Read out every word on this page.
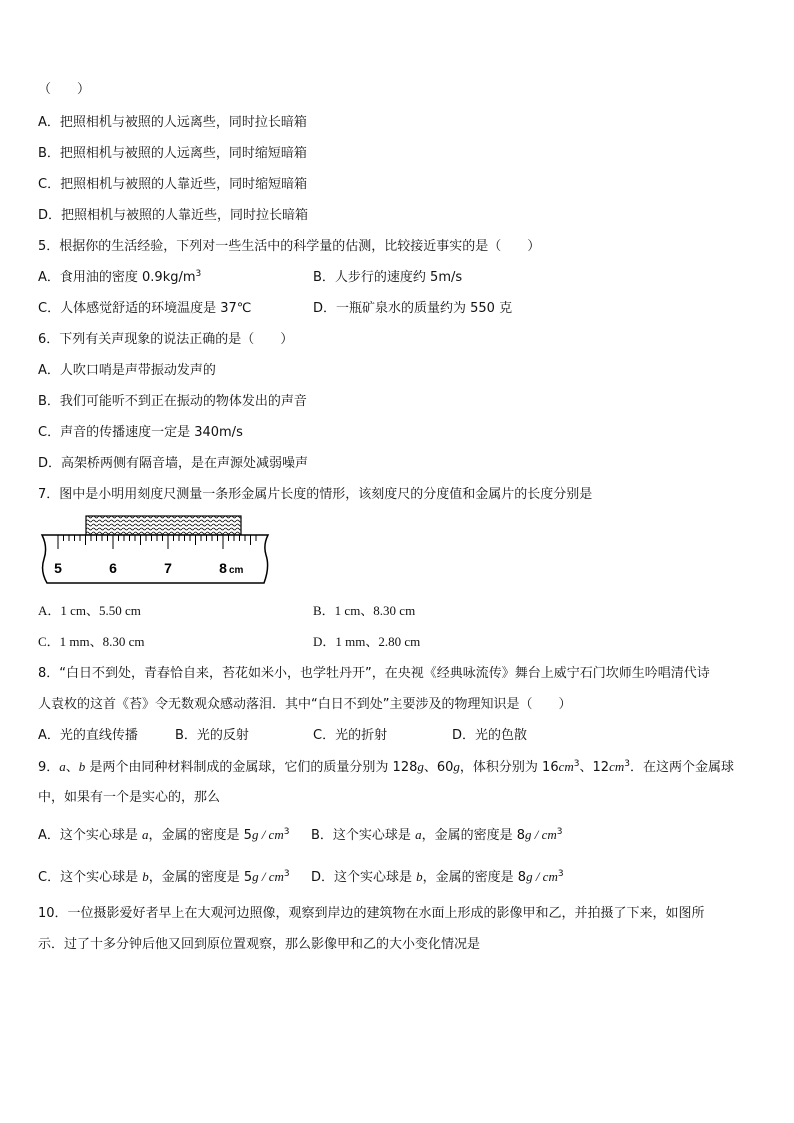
（　　）
A．把照相机与被照的人远离些，同时拉长暗箱
B．把照相机与被照的人远离些，同时缩短暗箱
C．把照相机与被照的人靠近些，同时缩短暗箱
D．把照相机与被照的人靠近些，同时拉长暗箱
5．根据你的生活经验，下列对一些生活中的科学量的估测，比较接近事实的是（　　）
A．食用油的密度 $0.9kg/m^3$	B．人步行的速度约 5m/s
C．人体感觉舒适的环境温度是 37℃	D．一瓶矿泉水的质量约为 550 克
6．下列有关声现象的说法正确的是（　　）
A．人吹口哨是声带振动发声的
B．我们可能听不到正在振动的物体发出的声音
C．声音的传播速度一定是 340m/s
D．高架桥两侧有隔音墙，是在声源处减弱噪声
7．图中是小明用刻度尺测量一条形金属片长度的情形，该刻度尺的分度值和金属片的长度分别是
5	6	7	8 cm
A．1 cm、5.50 cm	B．1 cm、8.30 cm
C．1 mm、8.30 cm	D．1 mm、2.80 cm
8．“白日不到处，青春恰自来，苔花如米小，也学牡丹开”，在央视《经典咏流传》舞台上威宁石门坎师生吟唱清代诗
人袁枚的这首《苔》令无数观众感动落泪．其中“白日不到处”主要涉及的物理知识是（　　）
A．光的直线传播	B．光的反射	C．光的折射	D．光的色散
9．a、b 是两个由同种材料制成的金属球，它们的质量分别为 128g、60g，体积分别为 $16cm^3$、$12cm^3$．在这两个金属球
中，如果有一个是实心的，那么
A．这个实心球是 a，金属的密度是 $5g / cm^3$ B．这个实心球是 a，金属的密度是 $8g / cm^3$
C．这个实心球是 b，金属的密度是 $5g / cm^3$ D．这个实心球是 b，金属的密度是 $8g / cm^3$
10．一位摄影爱好者早上在大观河边照像，观察到岸边的建筑物在水面上形成的影像甲和乙，并拍摄了下来，如图所
示．过了十多分钟后他又回到原位置观察，那么影像甲和乙的大小变化情况是
